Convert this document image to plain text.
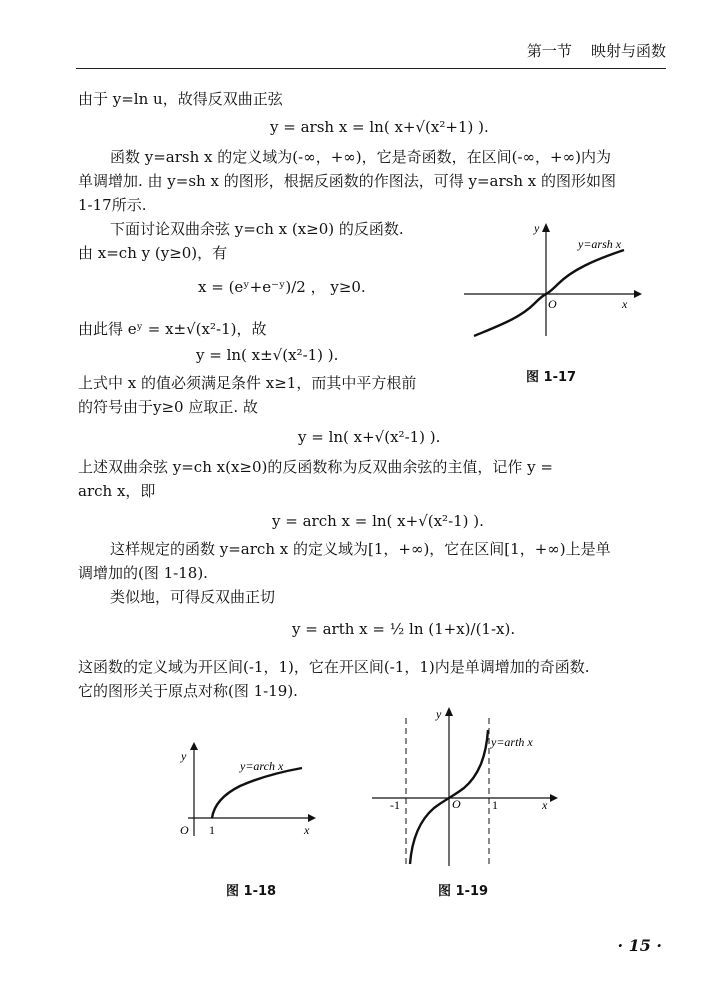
第一节 映射与函数
由于 y=ln u，故得反双曲正弦
y = arsh x = ln( x+√(x²+1) ).
函数 y=arsh x 的定义域为(-∞，+∞)，它是奇函数，在区间(-∞，+∞)内为
单调增加. 由 y=sh x 的图形，根据反函数的作图法，可得 y=arsh x 的图形如图
1-17所示.
下面讨论双曲余弦 y=ch x (x≥0) 的反函数.
由 x=ch y (y≥0)，有
x = (eʸ+e⁻ʸ)/2 ， y≥0.
由此得 eʸ = x±√(x²-1)，故
y = ln( x±√(x²-1) ).
上式中 x 的值必须满足条件 x≥1，而其中平方根前
的符号由于y≥0 应取正. 故
y = ln( x+√(x²-1) ).
上述双曲余弦 y=ch x(x≥0)的反函数称为反双曲余弦的主值，记作 y =
arch x，即
y = arch x = ln( x+√(x²-1) ).
这样规定的函数 y=arch x 的定义域为[1，+∞)，它在区间[1，+∞)上是单
调增加的(图 1-18).
类似地，可得反双曲正切
y = arth x = ½ ln (1+x)/(1-x).
这函数的定义域为开区间(-1，1)，它在开区间(-1，1)内是单调增加的奇函数.
它的图形关于原点对称(图 1-19).
y
y=arsh x
O	x
图 1-17
y
y=arch x
O 1	x
图 1-18
y
y=arth x
-1	O	1	x
图 1-19
· 15 ·
